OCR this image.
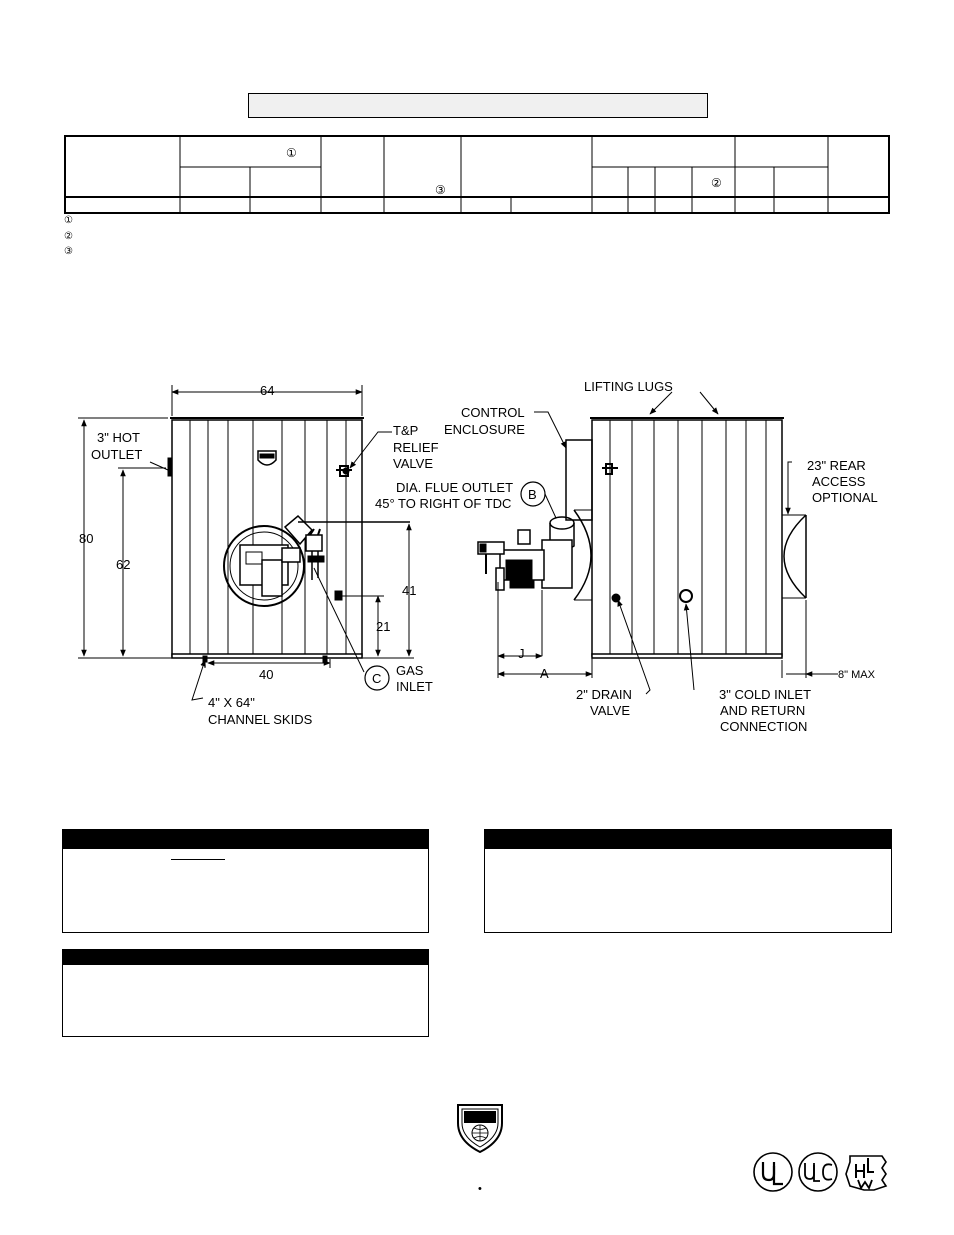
①
③	②
①
②
③
64
3" HOT
OUTLET
80
62
T&P
RELIEF
VALVE
41
21
40	C
GAS
INLET
4" X 64"
CHANNEL SKIDS
LIFTING LUGS
CONTROL
ENCLOSURE
B
DIA. FLUE OUTLET
45° TO RIGHT OF TDC
23" REAR
ACCESS
OPTIONAL
J
A	8" MAX
2" DRAIN
VALVE
3" COLD INLET
AND RETURN
CONNECTION
•
